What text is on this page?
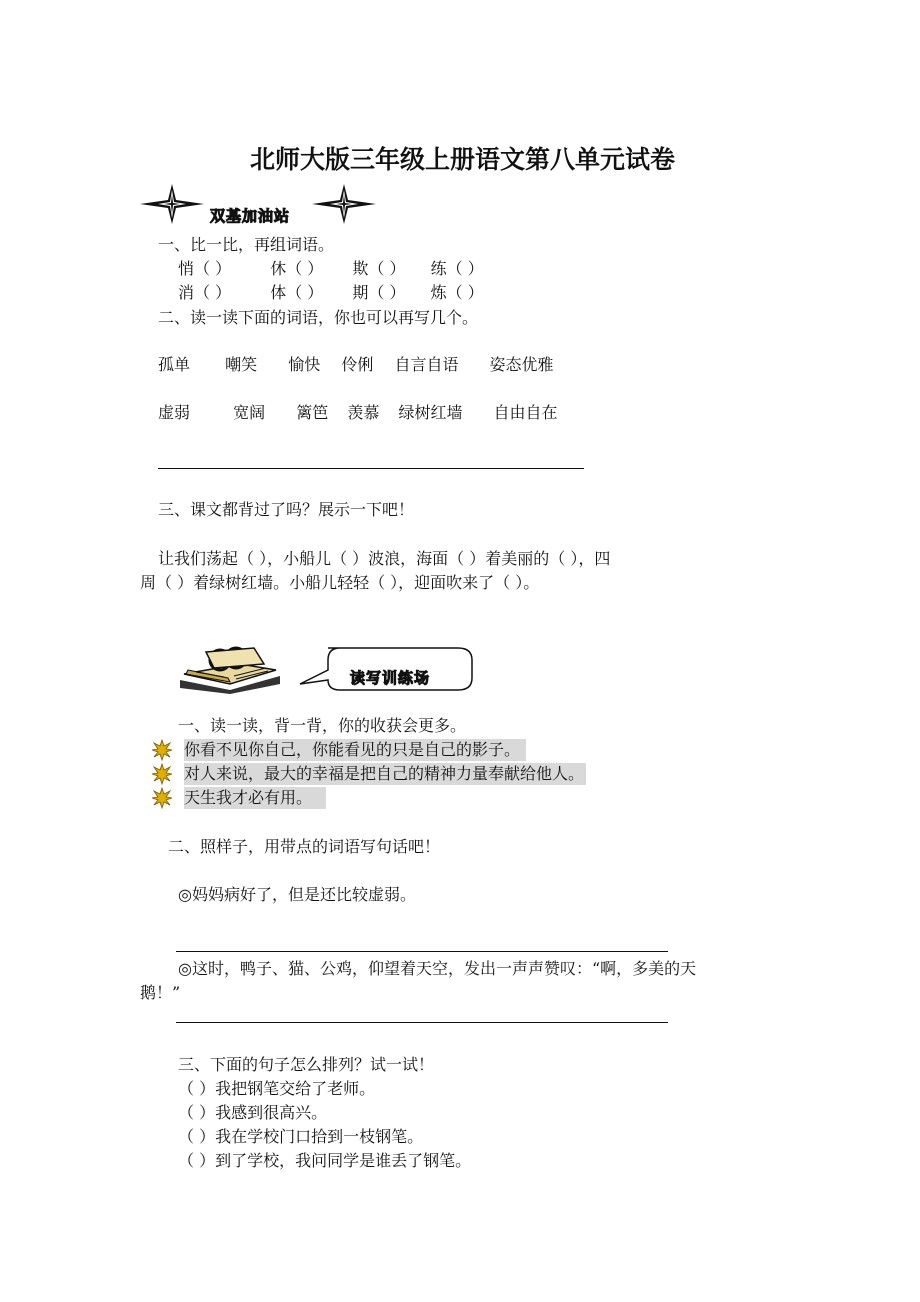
北师大版三年级上册语文第八单元试卷
双基加油站
一、比一比，再组词语。
悄（ ） 休（ ） 欺（ ） 练（ ）
消（ ） 体（ ） 期（ ） 炼（ ）
二、读一读下面的词语，你也可以再写几个。
孤单 嘲笑 愉快 伶俐 自言自语 姿态优雅
虚弱	宽阔 篱笆 羡慕 绿树红墙 自由自在
三、课文都背过了吗？展示一下吧！
让我们荡起（ ），小船儿（ ）波浪，海面（ ）着美丽的（ ），四
周（ ）着绿树红墙。小船儿轻轻（ ），迎面吹来了（ ）。
读写训练场
一、读一读，背一背，你的收获会更多。
你看不见你自己，你能看见的只是自己的影子。
对人来说，最大的幸福是把自己的精神力量奉献给他人。
天生我才必有用。
二、照样子，用带点的词语写句话吧！
◎妈妈病好了，但是还比较虚弱。
◎这时，鸭子、猫、公鸡，仰望着天空，发出一声声赞叹：“啊，多美的天
鹅！”
三、下面的句子怎么排列？试一试！
（ ）我把钢笔交给了老师。
（ ）我感到很高兴。
（ ）我在学校门口拾到一枝钢笔。
（ ）到了学校，我问同学是谁丢了钢笔。
